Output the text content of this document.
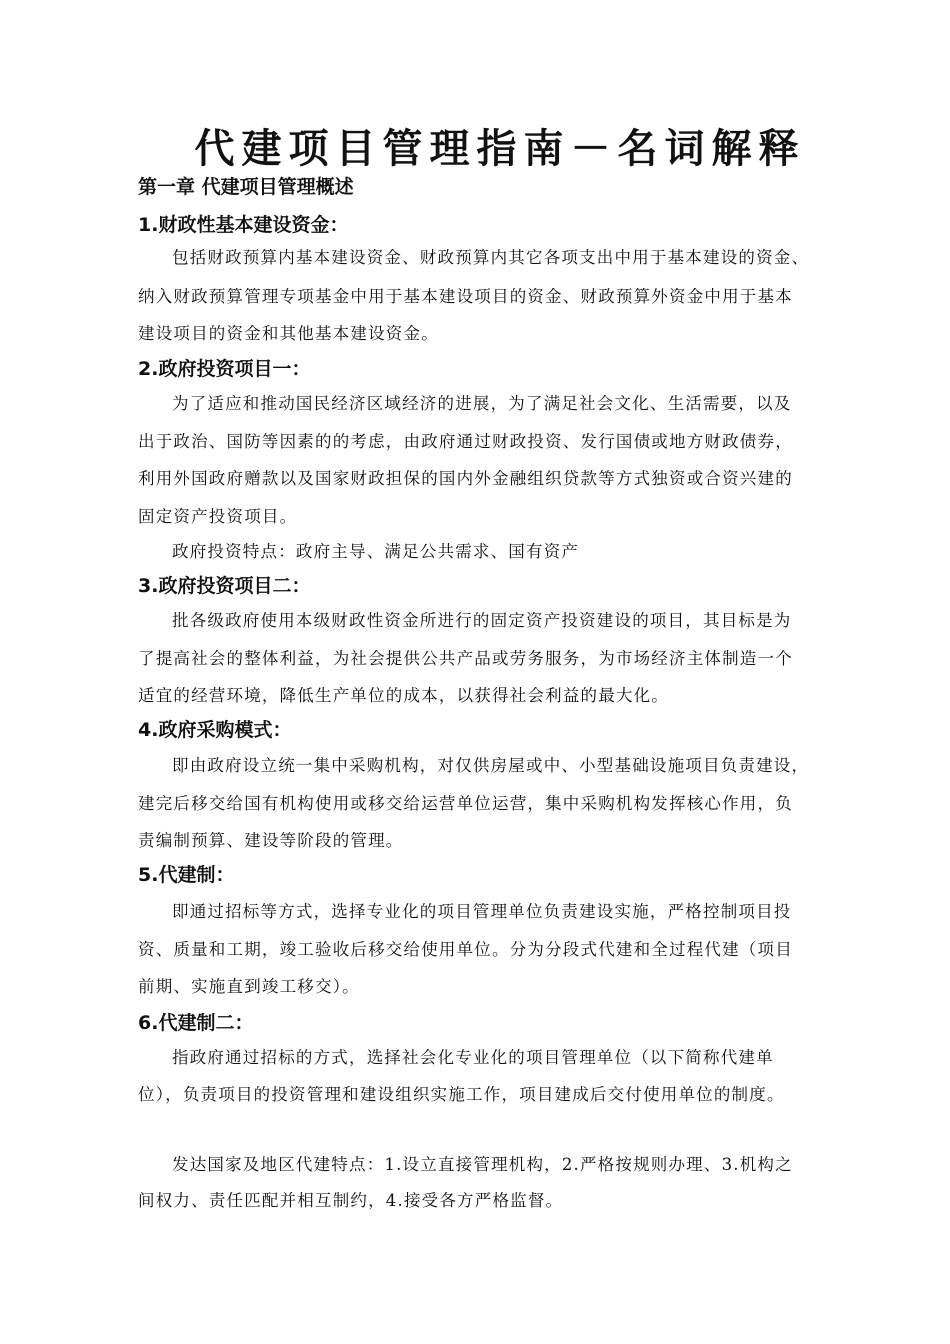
代建项目管理指南－名词解释
第一章 代建项目管理概述
1.财政性基本建设资金：

包括财政预算内基本建设资金、财政预算内其它各项支出中用于基本建设的资金、

纳入财政预算管理专项基金中用于基本建设项目的资金、财政预算外资金中用于基本

建设项目的资金和其他基本建设资金。

2.政府投资项目一：

为了适应和推动国民经济区域经济的进展，为了满足社会文化、生活需要，以及

出于政治、国防等因素的的考虑，由政府通过财政投资、发行国债或地方财政债券，

利用外国政府赠款以及国家财政担保的国内外金融组织贷款等方式独资或合资兴建的

固定资产投资项目。

政府投资特点：政府主导、满足公共需求、国有资产

3.政府投资项目二：

批各级政府使用本级财政性资金所进行的固定资产投资建设的项目，其目标是为

了提高社会的整体利益，为社会提供公共产品或劳务服务，为市场经济主体制造一个

适宜的经营环境，降低生产单位的成本，以获得社会利益的最大化。

4.政府采购模式：

即由政府设立统一集中采购机构，对仅供房屋或中、小型基础设施项目负责建设，

建完后移交给国有机构使用或移交给运营单位运营，集中采购机构发挥核心作用，负

责编制预算、建设等阶段的管理。

5.代建制：

即通过招标等方式，选择专业化的项目管理单位负责建设实施，严格控制项目投

资、质量和工期，竣工验收后移交给使用单位。分为分段式代建和全过程代建（项目

前期、实施直到竣工移交）。

6.代建制二：

指政府通过招标的方式，选择社会化专业化的项目管理单位（以下简称代建单

位），负责项目的投资管理和建设组织实施工作，项目建成后交付使用单位的制度。

发达国家及地区代建特点：1.设立直接管理机构，2.严格按规则办理、3.机构之

间权力、责任匹配并相互制约，4.接受各方严格监督。
